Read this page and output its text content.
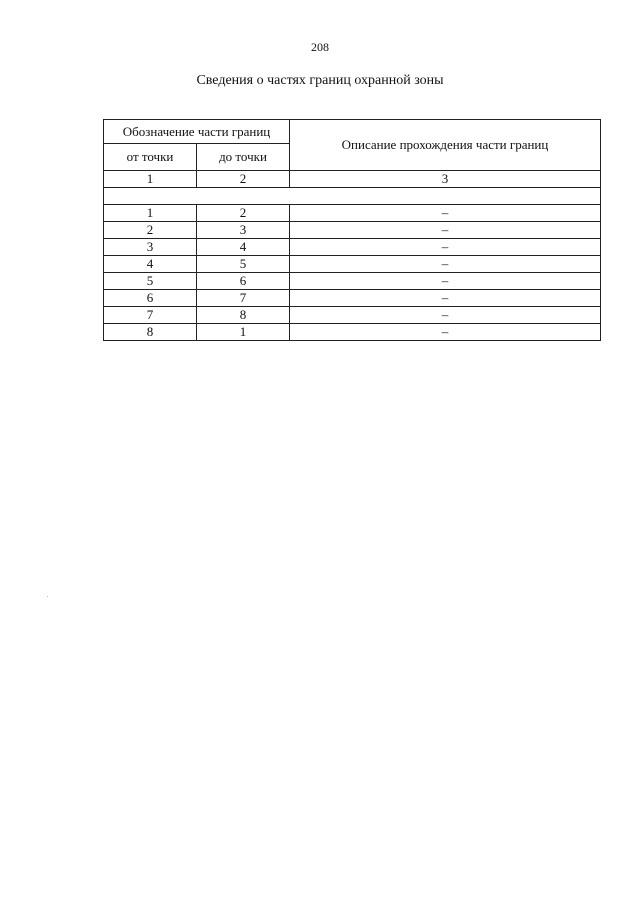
208
Сведения о частях границ охранной зоны
Обозначение части границ		Описание прохождения части границ
от точки	до точки	
1	2	3

1	2	–
2	3	–
3	4	–
4	5	–
5	6	–
6	7	–
7	8	–
8	1	–
